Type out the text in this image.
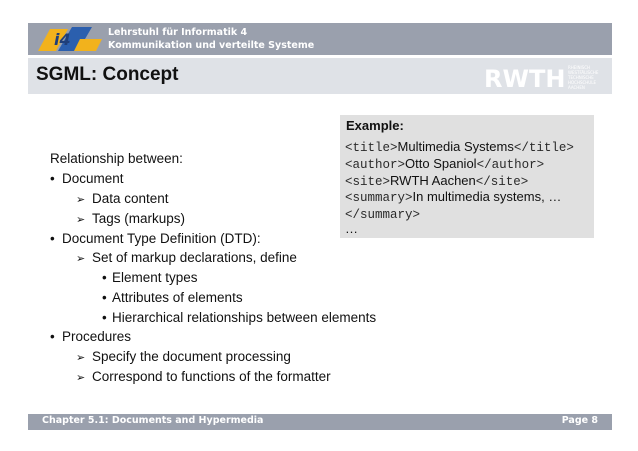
i4	Lehrstuhl für Informatik 4
Kommunikation und verteilte Systeme
SGML: Concept	RWTH RHEINISCH
WESTFÄLISCHE
TECHNISCHE
HOCHSCHULE
AACHEN
Example:
<title>Multimedia Systems</title>
<author>Otto Spaniol</author>
<site>RWTH Aachen</site>
<summary>In multimedia systems, …
</summary>
…
Relationship between:
• Document
➢ Data content
➢ Tags (markups)
• Document Type Definition (DTD):
➢ Set of markup declarations, define
• Element types
• Attributes of elements
• Hierarchical relationships between elements
• Procedures
➢ Specify the document processing
➢ Correspond to functions of the formatter
Chapter 5.1: Documents and Hypermedia	Page 8
